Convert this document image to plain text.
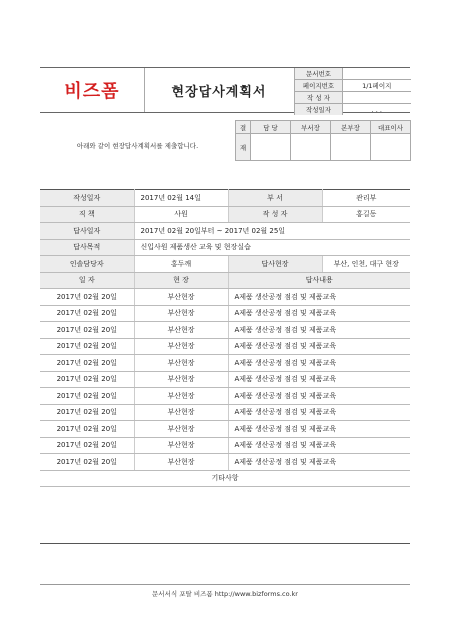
비즈폼	현장답사계획서
문서번호	
페이지번호	1/1페이지
작 성 자	
작성일자	. . .
아래와 같이 현장답사계획서를 제출합니다.
결	담 당	부서장	본부장	대표이사
재				
작성일자	2017년 02월 14일	부 서	관리부
직 책	사원	작 성 자	홍길동
답사일자	2017년 02월 20일부터 ~ 2017년 02월 25일		
답사목적	신입사원 제품생산 교육 및 현장실습		
인솔담당자	홍두깨	답사현장	부산, 인천, 대구 현장
일 자	현 장	답사내용	
2017년 02월 20일	부산현장	A제품 생산공정 점검 및 제품교육	
2017년 02월 20일	부산현장	A제품 생산공정 점검 및 제품교육	
2017년 02월 20일	부산현장	A제품 생산공정 점검 및 제품교육	
2017년 02월 20일	부산현장	A제품 생산공정 점검 및 제품교육	
2017년 02월 20일	부산현장	A제품 생산공정 점검 및 제품교육	
2017년 02월 20일	부산현장	A제품 생산공정 점검 및 제품교육	
2017년 02월 20일	부산현장	A제품 생산공정 점검 및 제품교육	
2017년 02월 20일	부산현장	A제품 생산공정 점검 및 제품교육	
2017년 02월 20일	부산현장	A제품 생산공정 점검 및 제품교육	
2017년 02월 20일	부산현장	A제품 생산공정 점검 및 제품교육	
2017년 02월 20일	부산현장	A제품 생산공정 점검 및 제품교육	
기타사항			

문서서식 포탈 비즈폼 http://www.bizforms.co.kr
